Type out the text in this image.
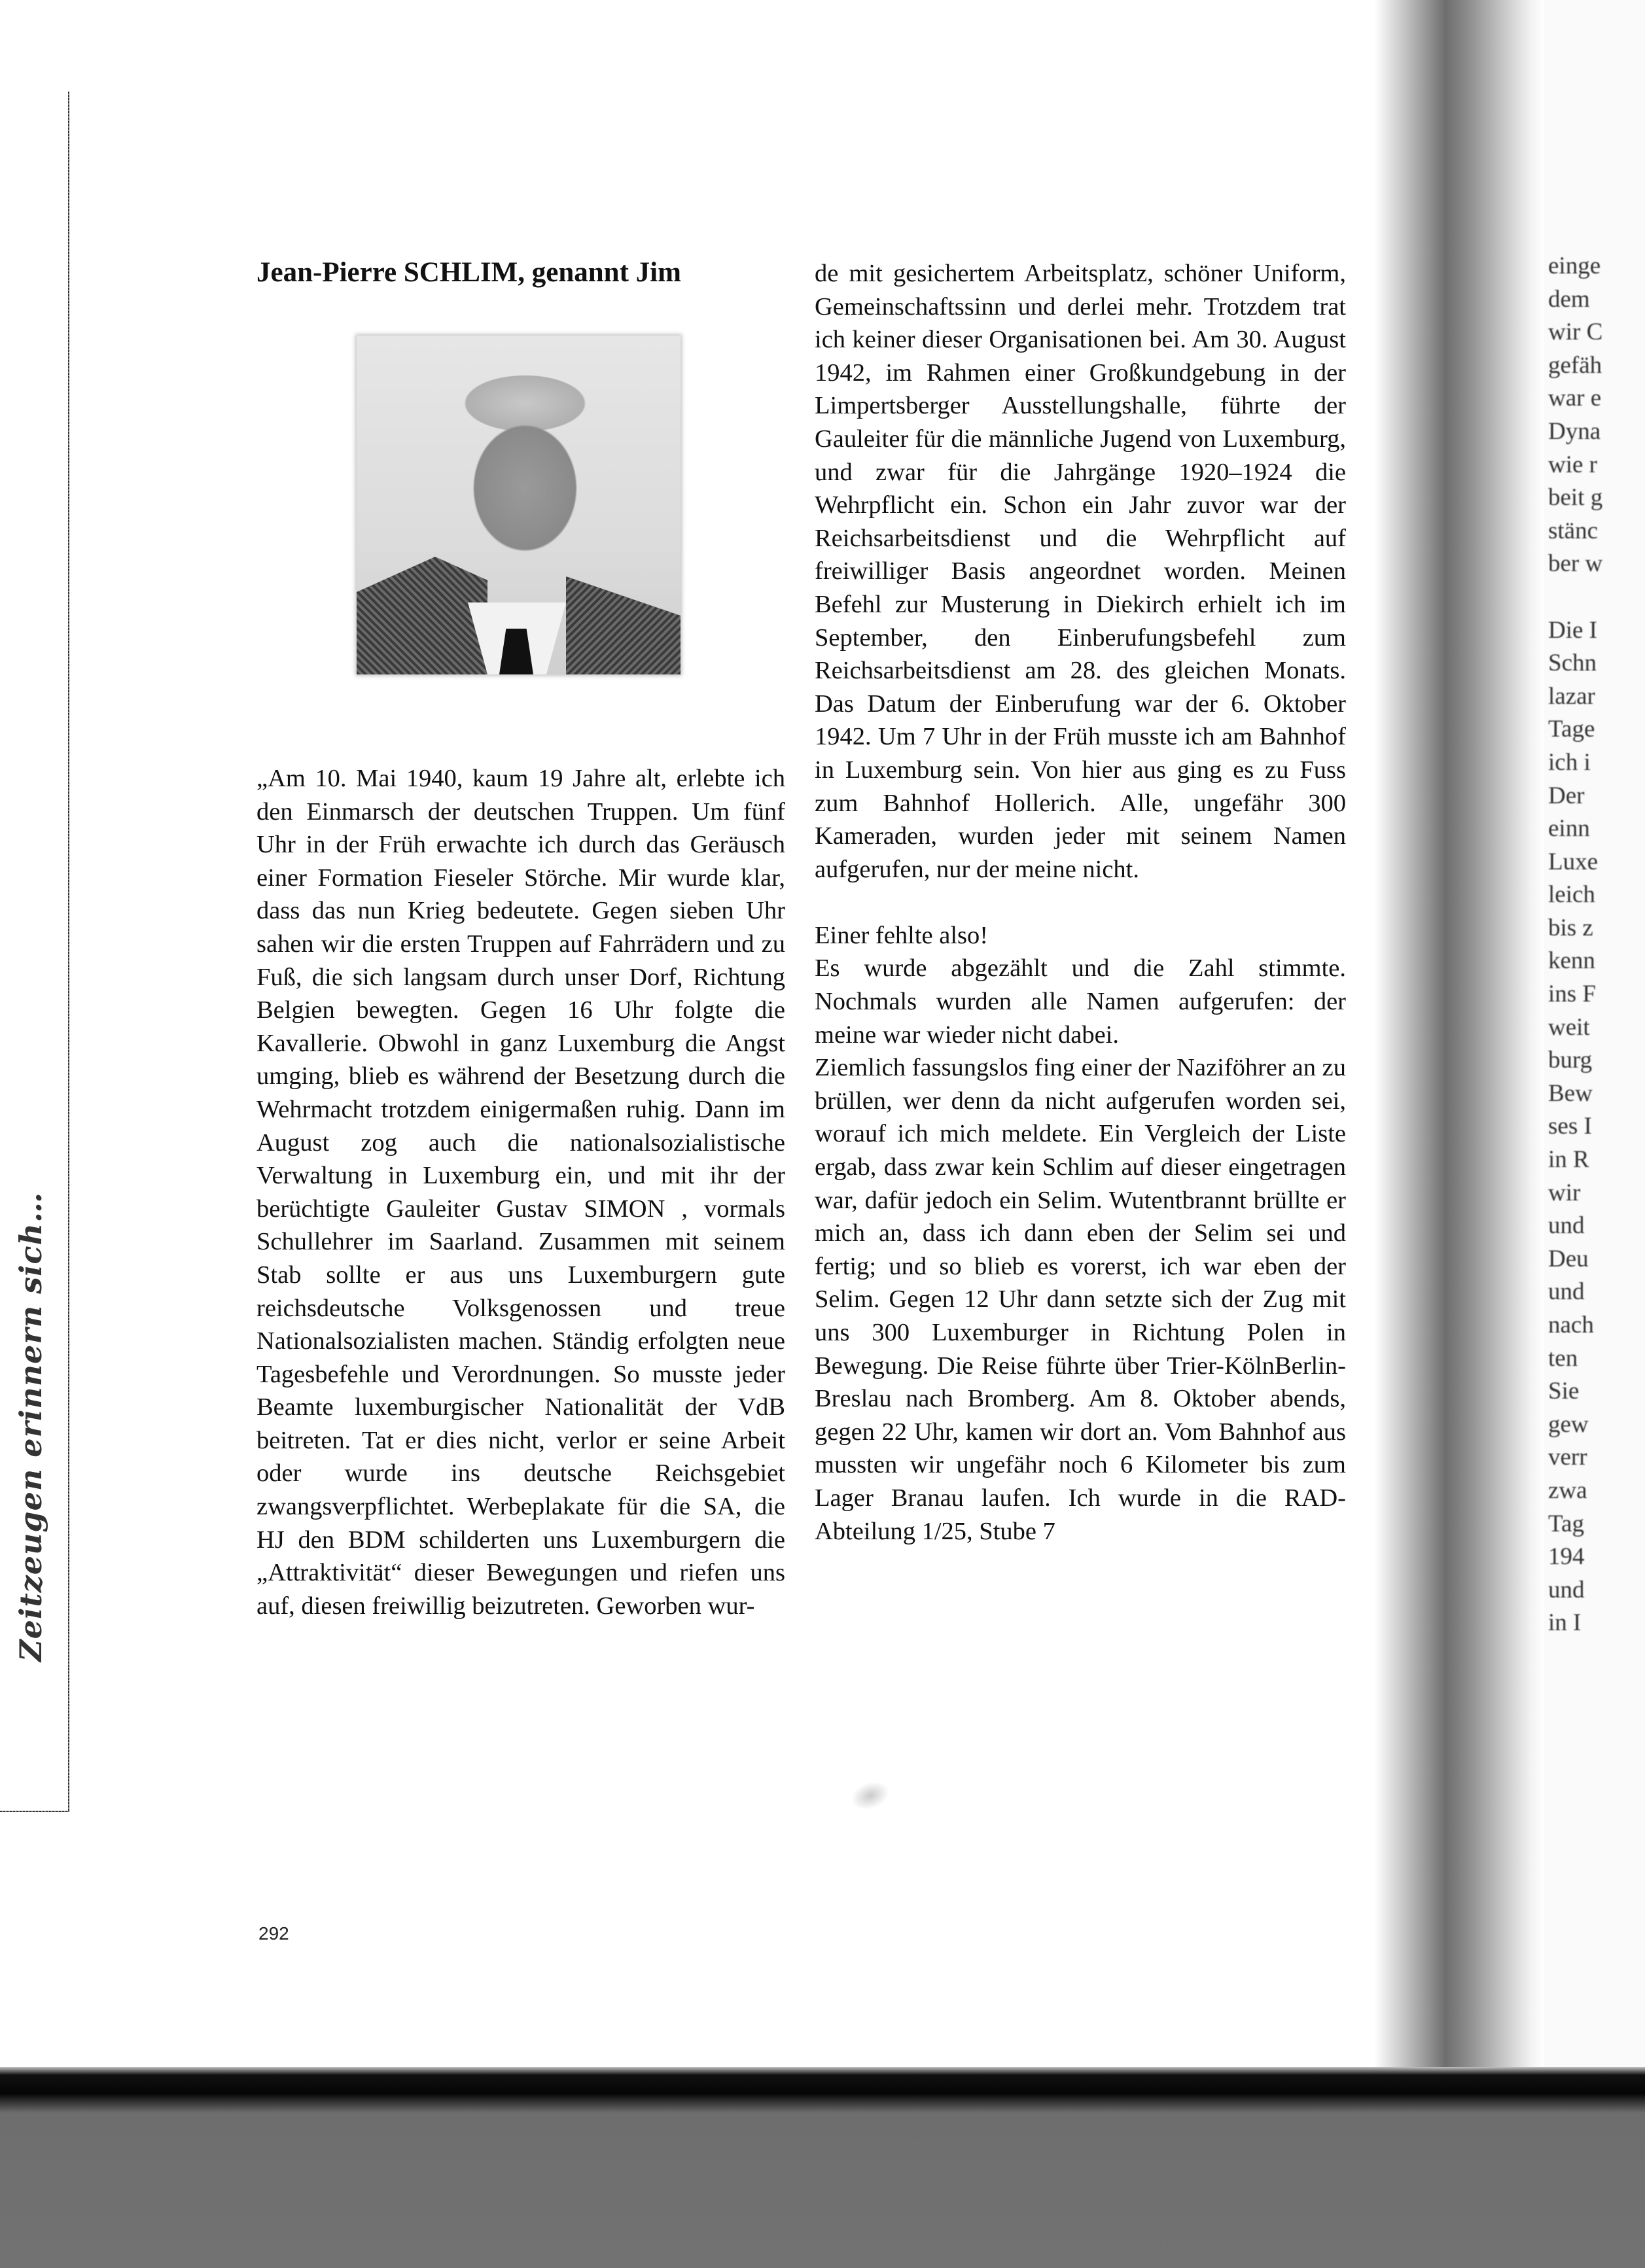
Zeitzeugen erinnern sich…
Jean-Pierre SCHLIM, genannt Jim

„Am 10. Mai 1940, kaum 19 Jahre alt, erlebte ich den Einmarsch der deutschen Truppen. Um fünf Uhr in der Früh erwachte ich durch das Geräusch einer Formation Fieseler Störche. Mir wurde klar, dass das nun Krieg bedeutete. Gegen sieben Uhr sahen wir die ersten Truppen auf Fahrrädern und zu Fuß, die sich langsam durch unser Dorf, Richtung Belgien bewegten. Gegen 16 Uhr folgte die Kavallerie. Obwohl in ganz Luxemburg die Angst umging, blieb es während der Besetzung durch die Wehrmacht trotzdem einigermaßen ruhig. Dann im August zog auch die nationalsozialistische Verwaltung in Luxemburg ein, und mit ihr der berüchtigte Gauleiter Gustav SIMON , vormals Schullehrer im Saarland. Zusammen mit seinem Stab sollte er aus uns Luxemburgern gute reichsdeutsche Volksgenossen und treue Nationalsozialisten machen. Ständig erfolgten neue Tagesbefehle und Verordnungen. So musste jeder Beamte luxemburgischer Nationalität der VdB beitreten. Tat er dies nicht, verlor er seine Arbeit oder wurde ins deutsche Reichsgebiet zwangsverpflichtet. Werbeplakate für die SA, die HJ den BDM schilderten uns Luxemburgern die „Attraktivität“ dieser Bewegungen und riefen uns auf, diesen freiwillig beizutreten. Geworben wur-

de mit gesichertem Arbeitsplatz, schöner Uniform, Gemeinschaftssinn und derlei mehr. Trotzdem trat ich keiner dieser Organisationen bei. Am 30. August 1942, im Rahmen einer Großkundgebung in der Limpertsberger Ausstellungshalle, führte der Gauleiter für die männliche Jugend von Luxemburg, und zwar für die Jahrgänge 1920–1924 die Wehrpflicht ein. Schon ein Jahr zuvor war der Reichsarbeitsdienst und die Wehrpflicht auf freiwilliger Basis angeordnet worden. Meinen Befehl zur Musterung in Diekirch erhielt ich im September, den Einberufungsbefehl zum Reichsarbeitsdienst am 28. des gleichen Monats. Das Datum der Einberufung war der 6. Oktober 1942. Um 7 Uhr in der Früh musste ich am Bahnhof in Luxemburg sein. Von hier aus ging es zu Fuss zum Bahnhof Hollerich. Alle, ungefähr 300 Kameraden, wurden jeder mit seinem Namen aufgerufen, nur der meine nicht.

Einer fehlte also!

Es wurde abgezählt und die Zahl stimmte. Nochmals wurden alle Namen aufgerufen: der meine war wieder nicht dabei.

Ziemlich fassungslos fing einer der Naziföhrer an zu brüllen, wer denn da nicht aufgerufen worden sei, worauf ich mich meldete. Ein Vergleich der Liste ergab, dass zwar kein Schlim auf dieser eingetragen war, dafür jedoch ein Selim. Wutentbrannt brüllte er mich an, dass ich dann eben der Selim sei und fertig; und so blieb es vorerst, ich war eben der Selim. Gegen 12 Uhr dann setzte sich der Zug mit uns 300 Luxemburger in Richtung Polen in Bewegung. Die Reise führte über Trier-KölnBerlin-Breslau nach Bromberg. Am 8. Oktober abends, gegen 22 Uhr, kamen wir dort an. Vom Bahnhof aus mussten wir ungefähr noch 6 Kilometer bis zum Lager Branau laufen. Ich wurde in die RAD-Abteilung 1/25, Stube 7

292
einge
dem
wir C
gefäh
war e
Dyna
wie r
beit g
stänc
ber w
Die I
Schn
lazar
Tage
ich i
Der
einn
Luxe
leich
bis z
kenn
ins F
weit
burg
Bew
ses I
in R
wir
und
Deu
und
nach
ten
Sie
gew
verr
zwa
Tag
194
und
in I
